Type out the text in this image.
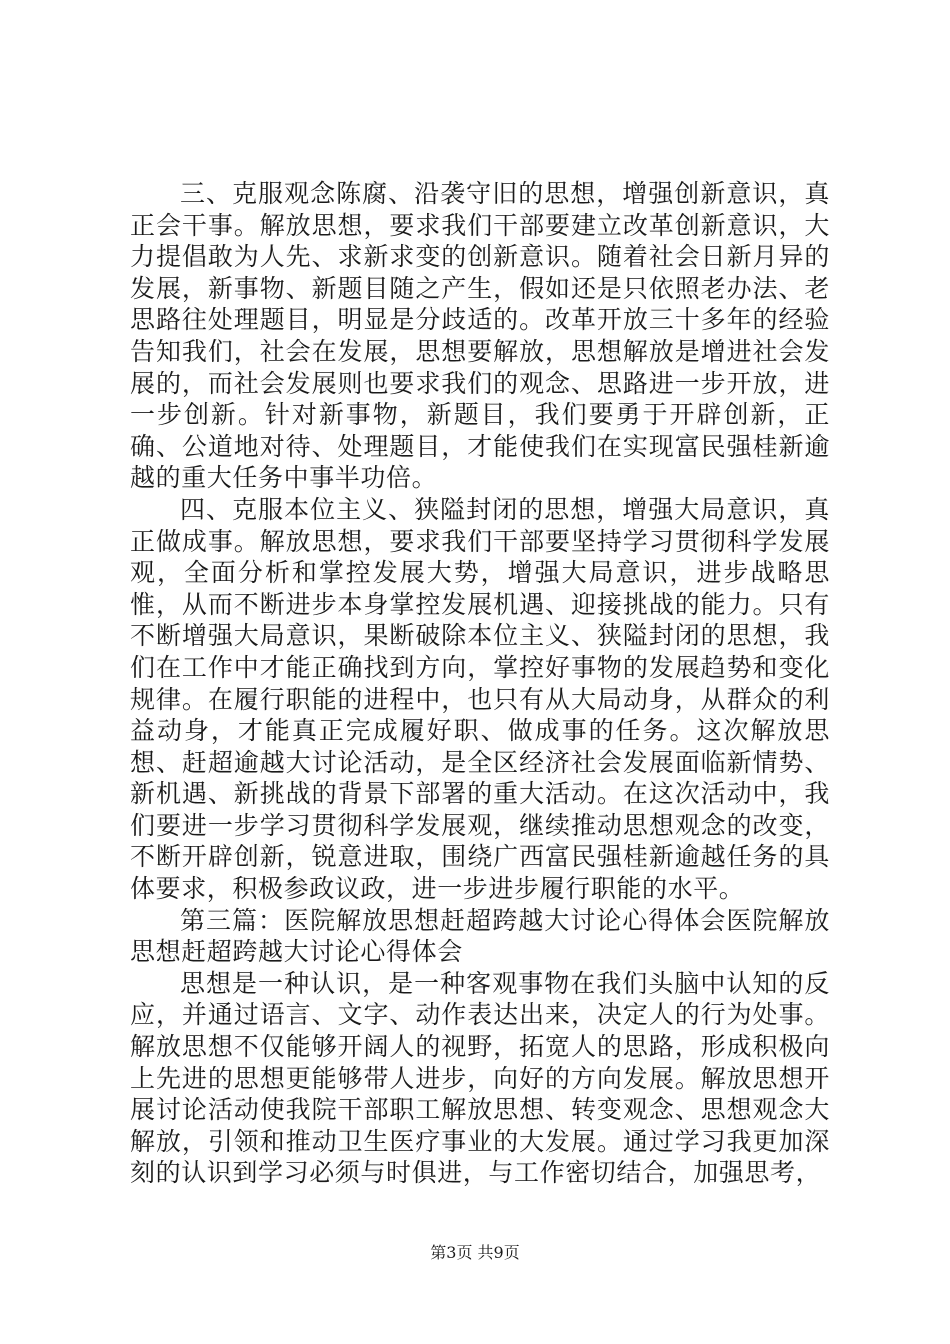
三、克服观念陈腐、沿袭守旧的思想，增强创新意识，真正会干事。解放思想，要求我们干部要建立改革创新意识，大力提倡敢为人先、求新求变的创新意识。随着社会日新月异的发展，新事物、新题目随之产生，假如还是只依照老办法、老思路往处理题目，明显是分歧适的。改革开放三十多年的经验告知我们，社会在发展，思想要解放，思想解放是增进社会发展的，而社会发展则也要求我们的观念、思路进一步开放，进一步创新。针对新事物，新题目，我们要勇于开辟创新，正确、公道地对待、处理题目，才能使我们在实现富民强桂新逾越的重大任务中事半功倍。

四、克服本位主义、狭隘封闭的思想，增强大局意识，真正做成事。解放思想，要求我们干部要坚持学习贯彻科学发展观，全面分析和掌控发展大势，增强大局意识，进步战略思惟，从而不断进步本身掌控发展机遇、迎接挑战的能力。只有不断增强大局意识，果断破除本位主义、狭隘封闭的思想，我们在工作中才能正确找到方向，掌控好事物的发展趋势和变化规律。在履行职能的进程中，也只有从大局动身，从群众的利益动身，才能真正完成履好职、做成事的任务。这次解放思想、赶超逾越大讨论活动，是全区经济社会发展面临新情势、新机遇、新挑战的背景下部署的重大活动。在这次活动中，我们要进一步学习贯彻科学发展观，继续推动思想观念的改变，不断开辟创新，锐意进取，围绕广西富民强桂新逾越任务的具体要求，积极参政议政，进一步进步履行职能的水平。

第三篇：医院解放思想赶超跨越大讨论心得体会医院解放思想赶超跨越大讨论心得体会

思想是一种认识，是一种客观事物在我们头脑中认知的反应，并通过语言、文字、动作表达出来，决定人的行为处事。解放思想不仅能够开阔人的视野，拓宽人的思路，形成积极向上先进的思想更能够带人进步，向好的方向发展。解放思想开展讨论活动使我院干部职工解放思想、转变观念、思想观念大解放，引领和推动卫生医疗事业的大发展。通过学习我更加深刻的认识到学习必须与时俱进，与工作密切结合，加强思考，

第3页 共9页
